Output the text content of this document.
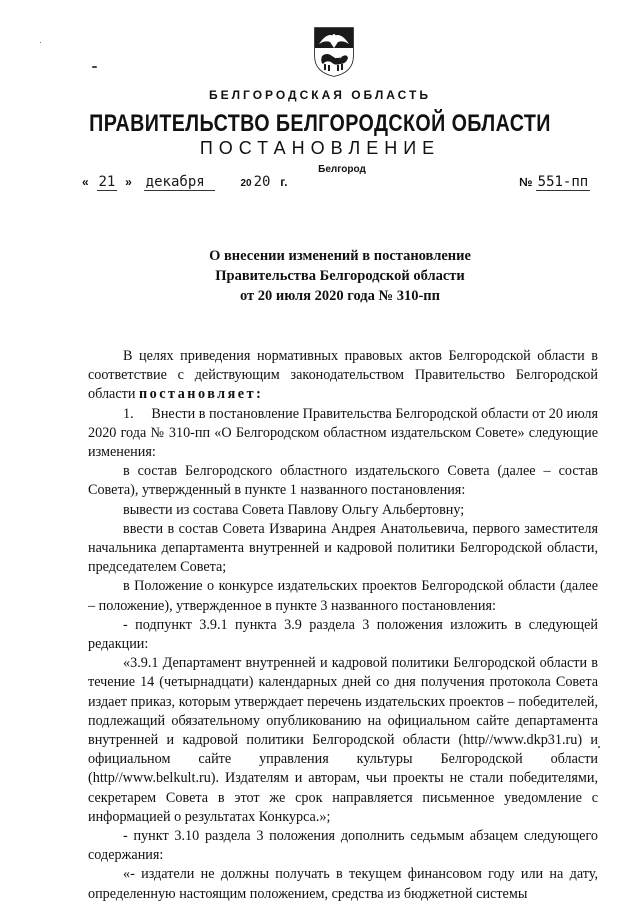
БЕЛГОРОДСКАЯ ОБЛАСТЬ
ПРАВИТЕЛЬСТВО БЕЛГОРОДСКОЙ ОБЛАСТИ
ПОСТАНОВЛЕНИЕ
Белгород
« 21 » декабря	20 20 г.	№ 551-пп
О внесении изменений в постановление
Правительства Белгородской области
от 20 июля 2020 года № 310-пп

В целях приведения нормативных правовых актов Белгородской области в соответствие с действующим законодательством Правительство Белгородской области постановляет:

1.     Внести в постановление Правительства Белгородской области от 20 июля 2020 года № 310-пп «О Белгородском областном издательском Совете» следующие изменения:

в состав Белгородского областного издательского Совета (далее – состав Совета), утвержденный в пункте 1 названного постановления:

вывести из состава Совета Павлову Ольгу Альбертовну;

ввести в состав Совета Изварина Андрея Анатольевича, первого заместителя начальника департамента внутренней и кадровой политики Белгородской области, председателем Совета;

в Положение о конкурсе издательских проектов Белгородской области (далее – положение), утвержденное в пункте 3 названного постановления:

- подпункт 3.9.1 пункта 3.9 раздела 3 положения изложить в следующей редакции:

«3.9.1 Департамент внутренней и кадровой политики Белгородской области в течение 14 (четырнадцати) календарных дней со дня получения протокола Совета издает приказ, которым утверждает перечень издательских проектов – победителей, подлежащий обязательному опубликованию на официальном сайте департамента внутренней и кадровой политики Белгородской области (http//www.dkp31.ru) и официальном сайте управления культуры Белгородской области (http//www.belkult.ru). Издателям и авторам, чьи проекты не стали победителями, секретарем Совета в этот же срок направляется письменное уведомление с информацией о результатах Конкурса.»;

- пункт 3.10 раздела 3 положения дополнить седьмым абзацем следующего содержания:

«- издатели не должны получать в текущем финансовом году или на дату, определенную настоящим положением, средства из бюджетной системы
